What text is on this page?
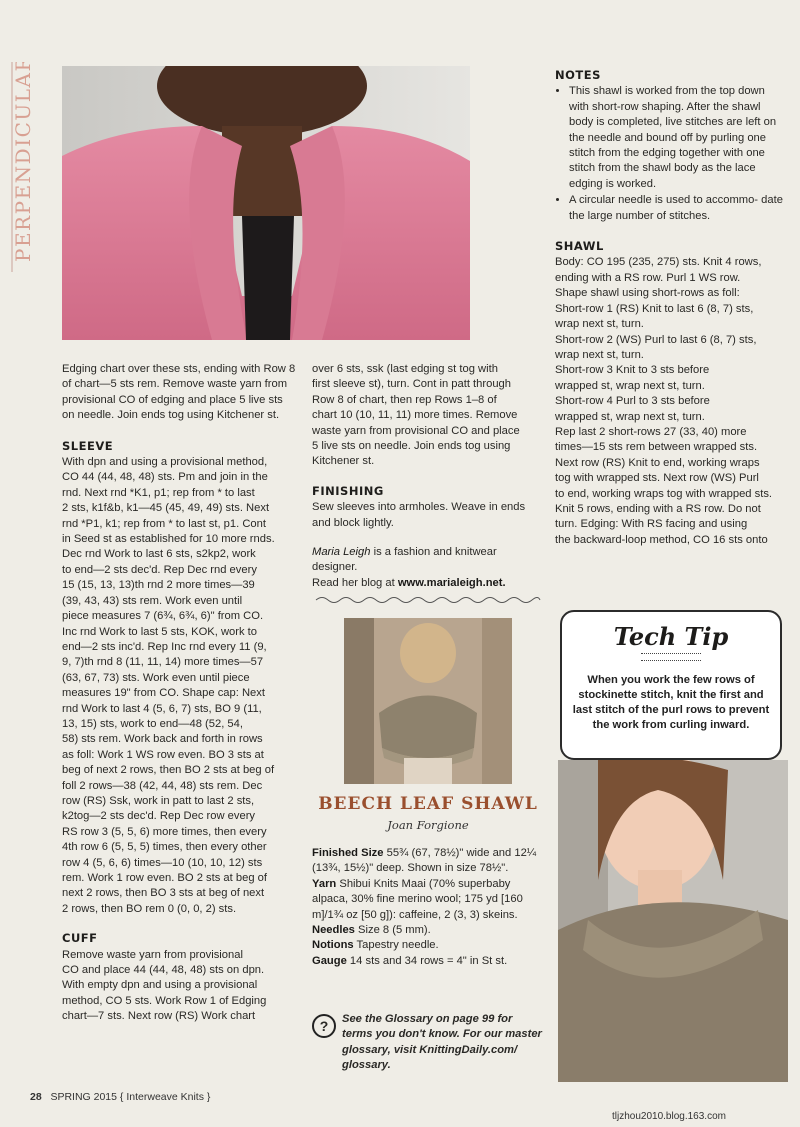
PERPENDICULAR

Edging chart over these sts, ending with Row 8 of chart—5 sts rem. Remove waste yarn from provisional CO of edging and place 5 live sts on needle. Join ends tog using Kitchener st.

SLEEVE
With dpn and using a provisional method,
CO 44 (44, 48, 48) sts. Pm and join in the
rnd. Next rnd *K1, p1; rep from * to last
2 sts, k1f&b, k1—45 (45, 49, 49) sts. Next
rnd *P1, k1; rep from * to last st, p1. Cont
in Seed st as established for 10 more rnds.
Dec rnd Work to last 6 sts, s2kp2, work
to end—2 sts dec'd. Rep Dec rnd every
15 (15, 13, 13)th rnd 2 more times—39
(39, 43, 43) sts rem. Work even until
piece measures 7 (6¾, 6¾, 6)" from CO.
Inc rnd Work to last 5 sts, KOK, work to
end—2 sts inc'd. Rep Inc rnd every 11 (9,
9, 7)th rnd 8 (11, 11, 14) more times—57
(63, 67, 73) sts. Work even until piece
measures 19" from CO. Shape cap: Next
rnd Work to last 4 (5, 6, 7) sts, BO 9 (11,
13, 15) sts, work to end—48 (52, 54,
58) sts rem. Work back and forth in rows
as foll: Work 1 WS row even. BO 3 sts at
beg of next 2 rows, then BO 2 sts at beg of
foll 2 rows—38 (42, 44, 48) sts rem. Dec
row (RS) Ssk, work in patt to last 2 sts,
k2tog—2 sts dec'd. Rep Dec row every
RS row 3 (5, 5, 6) more times, then every
4th row 6 (5, 5, 5) times, then every other
row 4 (5, 6, 6) times—10 (10, 10, 12) sts
rem. Work 1 row even. BO 2 sts at beg of
next 2 rows, then BO 3 sts at beg of next
2 rows, then BO rem 0 (0, 0, 2) sts.
CUFF
Remove waste yarn from provisional
CO and place 44 (44, 48, 48) sts on dpn.
With empty dpn and using a provisional
method, CO 5 sts. Work Row 1 of Edging
chart—7 sts. Next row (RS) Work chart
over 6 sts, ssk (last edging st tog with
first sleeve st), turn. Cont in patt through
Row 8 of chart, then rep Rows 1–8 of
chart 10 (10, 11, 11) more times. Remove
waste yarn from provisional CO and place
5 live sts on needle. Join ends tog using
Kitchener st.
FINISHING
Sew sleeves into armholes. Weave in ends
and block lightly.

Maria Leigh is a fashion and knitwear designer.
Read her blog at www.marialeigh.net.

BEECH LEAF SHAWL
Joan Forgione

Finished Size 55¾ (67, 78½)" wide and 12¼ (13¾, 15½)" deep. Shown in size 78½".

Yarn Shibui Knits Maai (70% superbaby alpaca, 30% fine merino wool; 175 yd [160 m]/1¾ oz [50 g]): caffeine, 2 (3, 3) skeins.

Needles Size 8 (5 mm).

Notions Tapestry needle.

Gauge 14 sts and 34 rows = 4" in St st.

?	See the Glossary on page 99 for terms you don't know. For our master glossary, visit KnittingDaily.com/ glossary.

NOTES
• This shawl is worked from the top down with short-row shaping. After the shawl body is completed, live stitches are left on the needle and bound off by purling one stitch from the edging together with one stitch from the shawl body as the lace edging is worked.
• A circular needle is used to accommo- date the large number of stitches.
SHAWL
Body: CO 195 (235, 275) sts. Knit 4 rows,
ending with a RS row. Purl 1 WS row.
Shape shawl using short-rows as foll:
Short-row 1 (RS) Knit to last 6 (8, 7) sts,
wrap next st, turn.
Short-row 2 (WS) Purl to last 6 (8, 7) sts,
wrap next st, turn.
Short-row 3 Knit to 3 sts before
wrapped st, wrap next st, turn.
Short-row 4 Purl to 3 sts before
wrapped st, wrap next st, turn.
Rep last 2 short-rows 27 (33, 40) more
times—15 sts rem between wrapped sts.
Next row (RS) Knit to end, working wraps
tog with wrapped sts. Next row (WS) Purl
to end, working wraps tog with wrapped sts.
Knit 5 rows, ending with a RS row. Do not
turn. Edging: With RS facing and using
the backward-loop method, CO 16 sts onto
Tech Tip
When you work the few rows of stockinette stitch, knit the first and last stitch of the purl rows to prevent the work from curling inward.
28 SPRING 2015 { Interweave Knits }
tljzhou2010.blog.163.com
